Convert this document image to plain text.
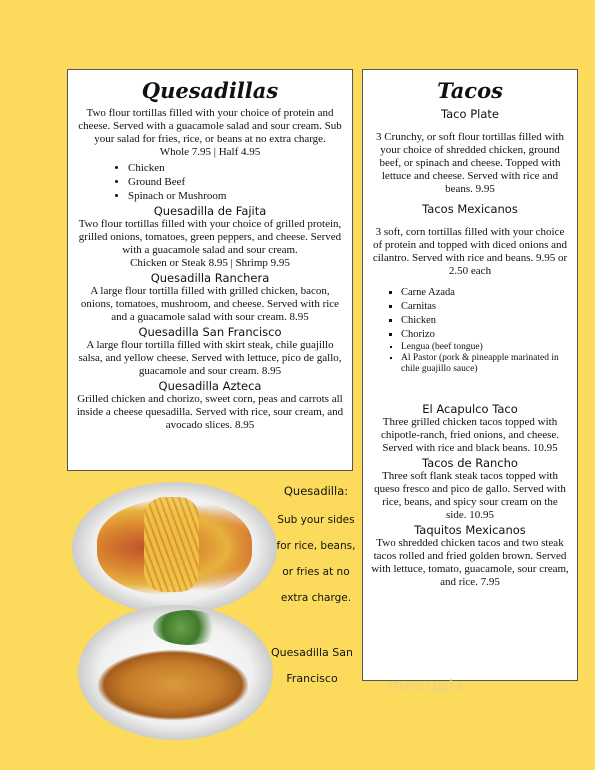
Quesadillas

Two flour tortillas filled with your choice of protein and cheese. Served with a guacamole salad and sour cream. Sub your salad for fries, rice, or beans at no extra charge.

Whole 7.95 | Half 4.95

• Chicken
• Ground Beef
• Spinach or Mushroom
Quesadilla de Fajita

Two flour tortillas filled with your choice of grilled protein, grilled onions, tomatoes, green peppers, and cheese. Served with a guacamole salad and sour cream.

Chicken or Steak 8.95 | Shrimp 9.95

Quesadilla Ranchera

A large flour tortilla filled with grilled chicken, bacon, onions, tomatoes, mushroom, and cheese. Served with rice and a guacamole salad with sour cream. 8.95

Quesadilla San Francisco

A large flour tortilla filled with skirt steak, chile guajillo salsa, and yellow cheese. Served with lettuce, pico de gallo, guacamole and sour cream. 8.95

Quesadilla Azteca

Grilled chicken and chorizo, sweet corn, peas and carrots all inside a cheese quesadilla. Served with rice, sour cream, and avocado slices. 8.95

Tacos
Taco Plate

3 Crunchy, or soft flour tortillas filled with your choice of shredded chicken, ground beef, or spinach and cheese. Topped with lettuce and cheese. Served with rice and beans. 9.95

Tacos Mexicanos

3 soft, corn tortillas filled with your choice of protein and topped with diced onions and cilantro. Served with rice and beans. 9.95 or 2.50 each

▪ Carne Azada
▪ Carnitas
▪ Chicken
▪ Chorizo
▪ Lengua (beef tongue)
▪ Al Pastor (pork & pineapple marinated in chile guajillo sauce)
El Acapulco Taco

Three grilled chicken tacos topped with chipotle-ranch, fried onions, and cheese. Served with rice and black beans. 10.95

Tacos de Rancho

Three soft flank steak tacos topped with queso fresco and pico de gallo. Served with rice, beans, and spicy sour cream on the side. 10.95

Taquitos Mexicanos

Two shredded chicken tacos and two steak tacos rolled and fried golden brown. Served with lettuce, tomato, guacamole, sour cream, and rice. 7.95

Quesadilla:
Sub your sides
for rice, beans,
or fries at no
extra charge.
Quesadilla San
Francisco	menupix
